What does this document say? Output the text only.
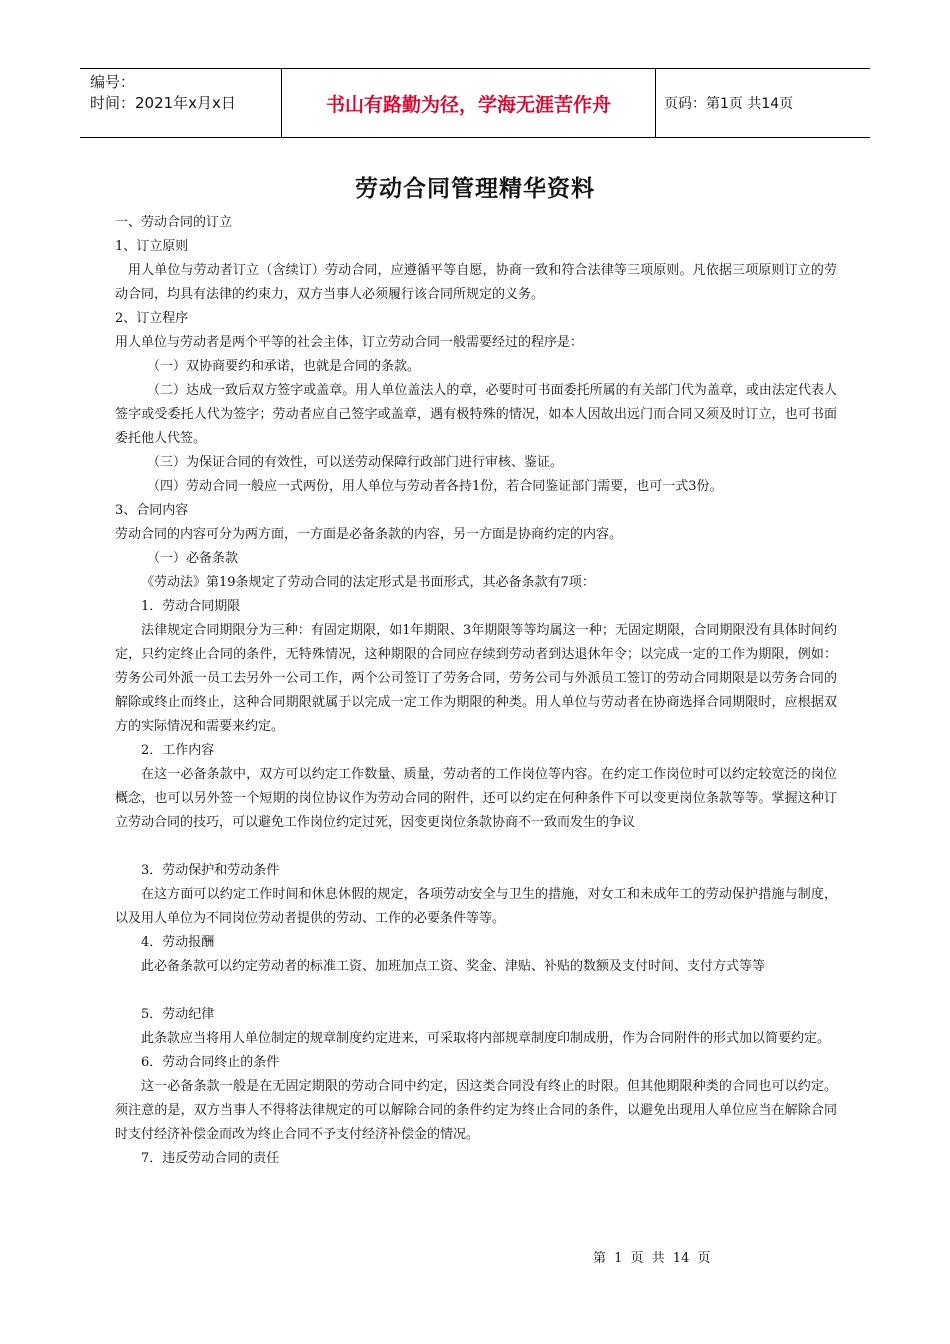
编号：
时间：2021年x月x日	书山有路勤为径，学海无涯苦作舟	页码：第1页 共14页
劳动合同管理精华资料

一、劳动合同的订立

1、订立原则

用人单位与劳动者订立（含续订）劳动合同，应遵循平等自愿，协商一致和符合法律等三项原则。凡依据三项原则订立的劳动合同，均具有法律的约束力，双方当事人必须履行该合同所规定的义务。

2、订立程序

用人单位与劳动者是两个平等的社会主体，订立劳动合同一般需要经过的程序是：

（一）双协商要约和承诺，也就是合同的条款。

（二）达成一致后双方签字或盖章。用人单位盖法人的章，必要时可书面委托所属的有关部门代为盖章，或由法定代表人签字或受委托人代为签字；劳动者应自己签字或盖章，遇有极特殊的情况，如本人因故出远门而合同又须及时订立，也可书面委托他人代签。

（三）为保证合同的有效性，可以送劳动保障行政部门进行审核、鉴证。

（四）劳动合同一般应一式两份，用人单位与劳动者各持1份，若合同鉴证部门需要，也可一式3份。

3、合同内容

劳动合同的内容可分为两方面，一方面是必备条款的内容，另一方面是协商约定的内容。

（一）必备条款

《劳动法》第19条规定了劳动合同的法定形式是书面形式，其必备条款有7项：

1．劳动合同期限

法律规定合同期限分为三种：有固定期限，如1年期限、3年期限等等均属这一种；无固定期限，合同期限没有具体时间约定，只约定终止合同的条件，无特殊情况，这种期限的合同应存续到劳动者到达退休年令；以完成一定的工作为期限，例如：劳务公司外派一员工去另外一公司工作，两个公司签订了劳务合同，劳务公司与外派员工签订的劳动合同期限是以劳务合同的解除或终止而终止，这种合同期限就属于以完成一定工作为期限的种类。用人单位与劳动者在协商选择合同期限时，应根据双方的实际情况和需要来约定。

2．工作内容

在这一必备条款中，双方可以约定工作数量、质量，劳动者的工作岗位等内容。在约定工作岗位时可以约定较宽泛的岗位概念，也可以另外签一个短期的岗位协议作为劳动合同的附件，还可以约定在何种条件下可以变更岗位条款等等。掌握这种订立劳动合同的技巧，可以避免工作岗位约定过死，因变更岗位条款协商不一致而发生的争议

3．劳动保护和劳动条件

在这方面可以约定工作时间和休息休假的规定，各项劳动安全与卫生的措施，对女工和未成年工的劳动保护措施与制度，以及用人单位为不同岗位劳动者提供的劳动、工作的必要条件等等。

4．劳动报酬

此必备条款可以约定劳动者的标准工资、加班加点工资、奖金、津贴、补贴的数额及支付时间、支付方式等等

5．劳动纪律

此条款应当将用人单位制定的规章制度约定进来，可采取将内部规章制度印制成册，作为合同附件的形式加以简要约定。

6．劳动合同终止的条件

这一必备条款一般是在无固定期限的劳动合同中约定，因这类合同没有终止的时限。但其他期限种类的合同也可以约定。须注意的是，双方当事人不得将法律规定的可以解除合同的条件约定为终止合同的条件，以避免出现用人单位应当在解除合同时支付经济补偿金而改为终止合同不予支付经济补偿金的情况。

7．违反劳动合同的责任

第 1 页 共 14 页
